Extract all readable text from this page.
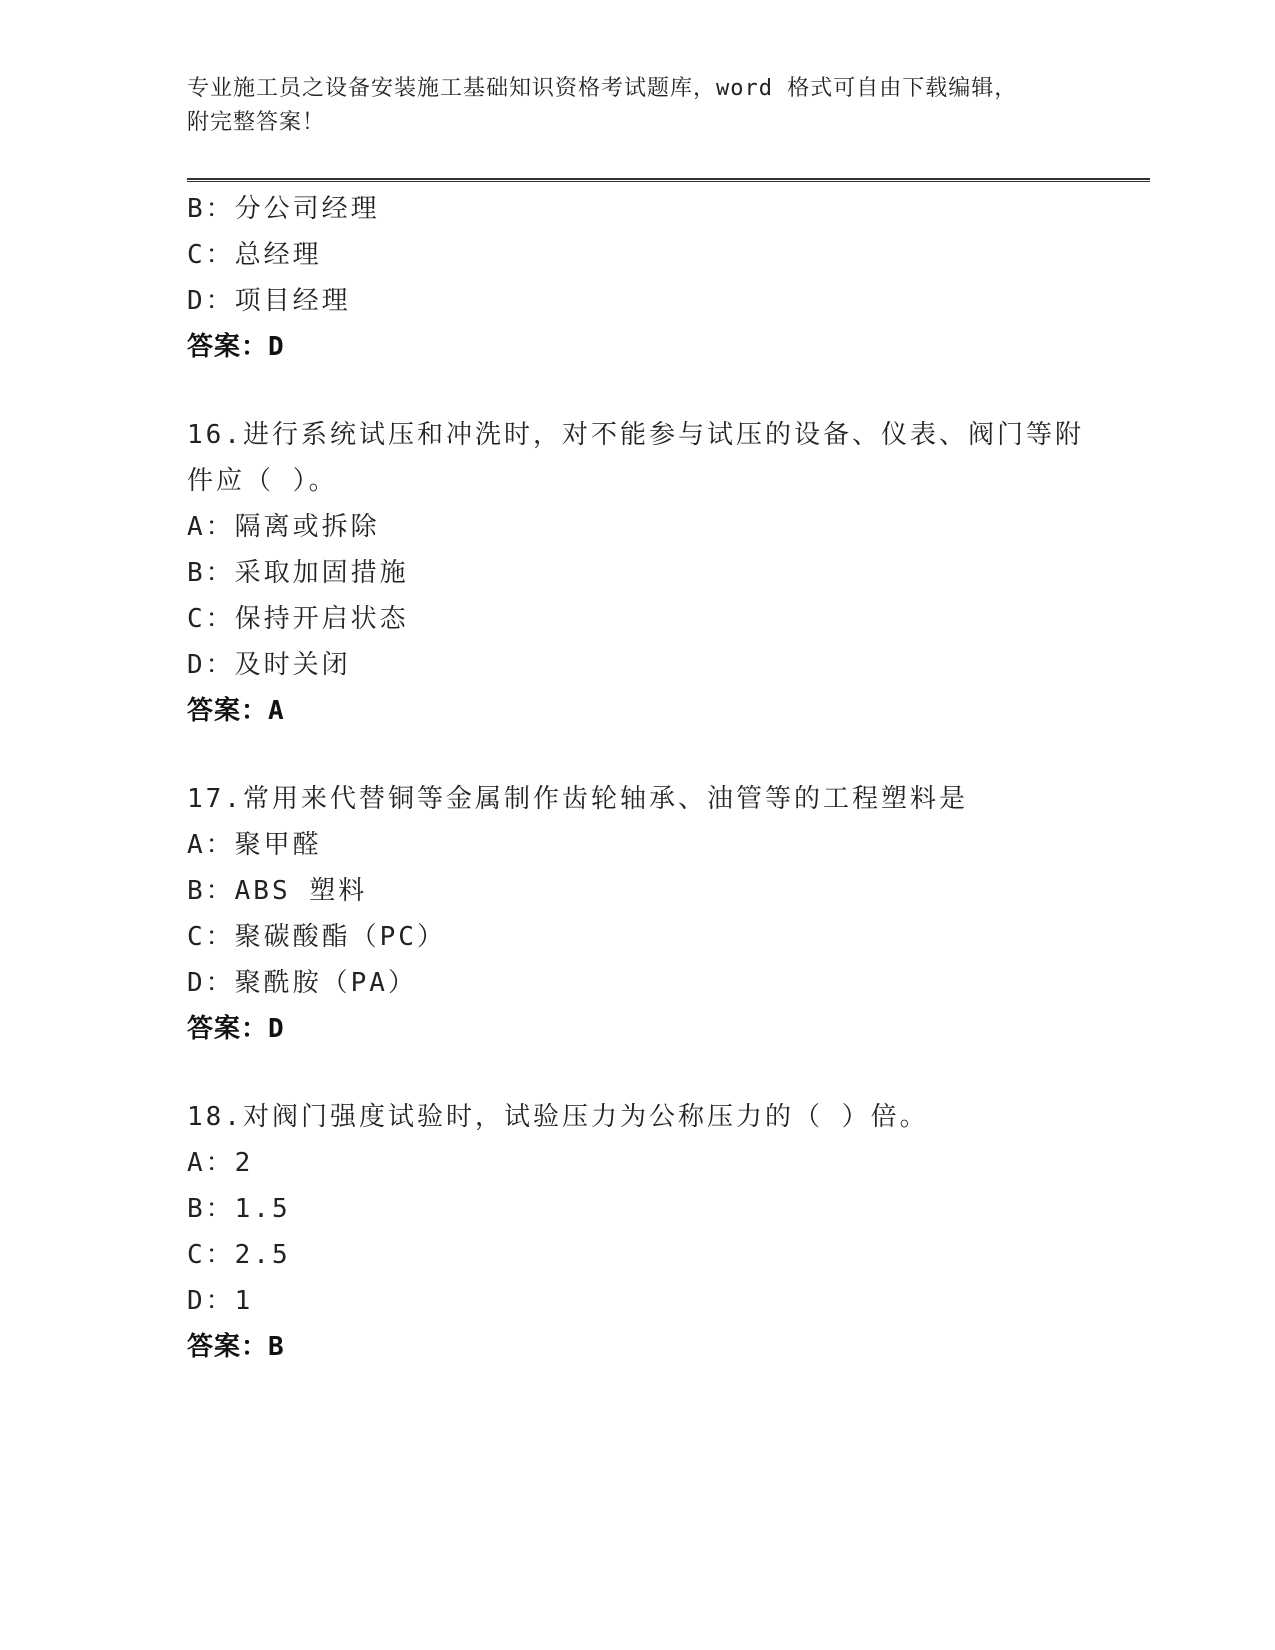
专业施工员之设备安装施工基础知识资格考试题库，word 格式可自由下载编辑，
附完整答案！
B：分公司经理
C：总经理
D：项目经理
答案：D
16.进行系统试压和冲洗时，对不能参与试压的设备、仪表、阀门等附
件应（ ）。
A：隔离或拆除
B：采取加固措施
C：保持开启状态
D：及时关闭
答案：A
17.常用来代替铜等金属制作齿轮轴承、油管等的工程塑料是
A：聚甲醛
B：ABS 塑料
C：聚碳酸酯（PC）
D：聚酰胺（PA）
答案：D
18.对阀门强度试验时，试验压力为公称压力的（ ）倍。
A：2
B：1.5
C：2.5
D：1
答案：B
